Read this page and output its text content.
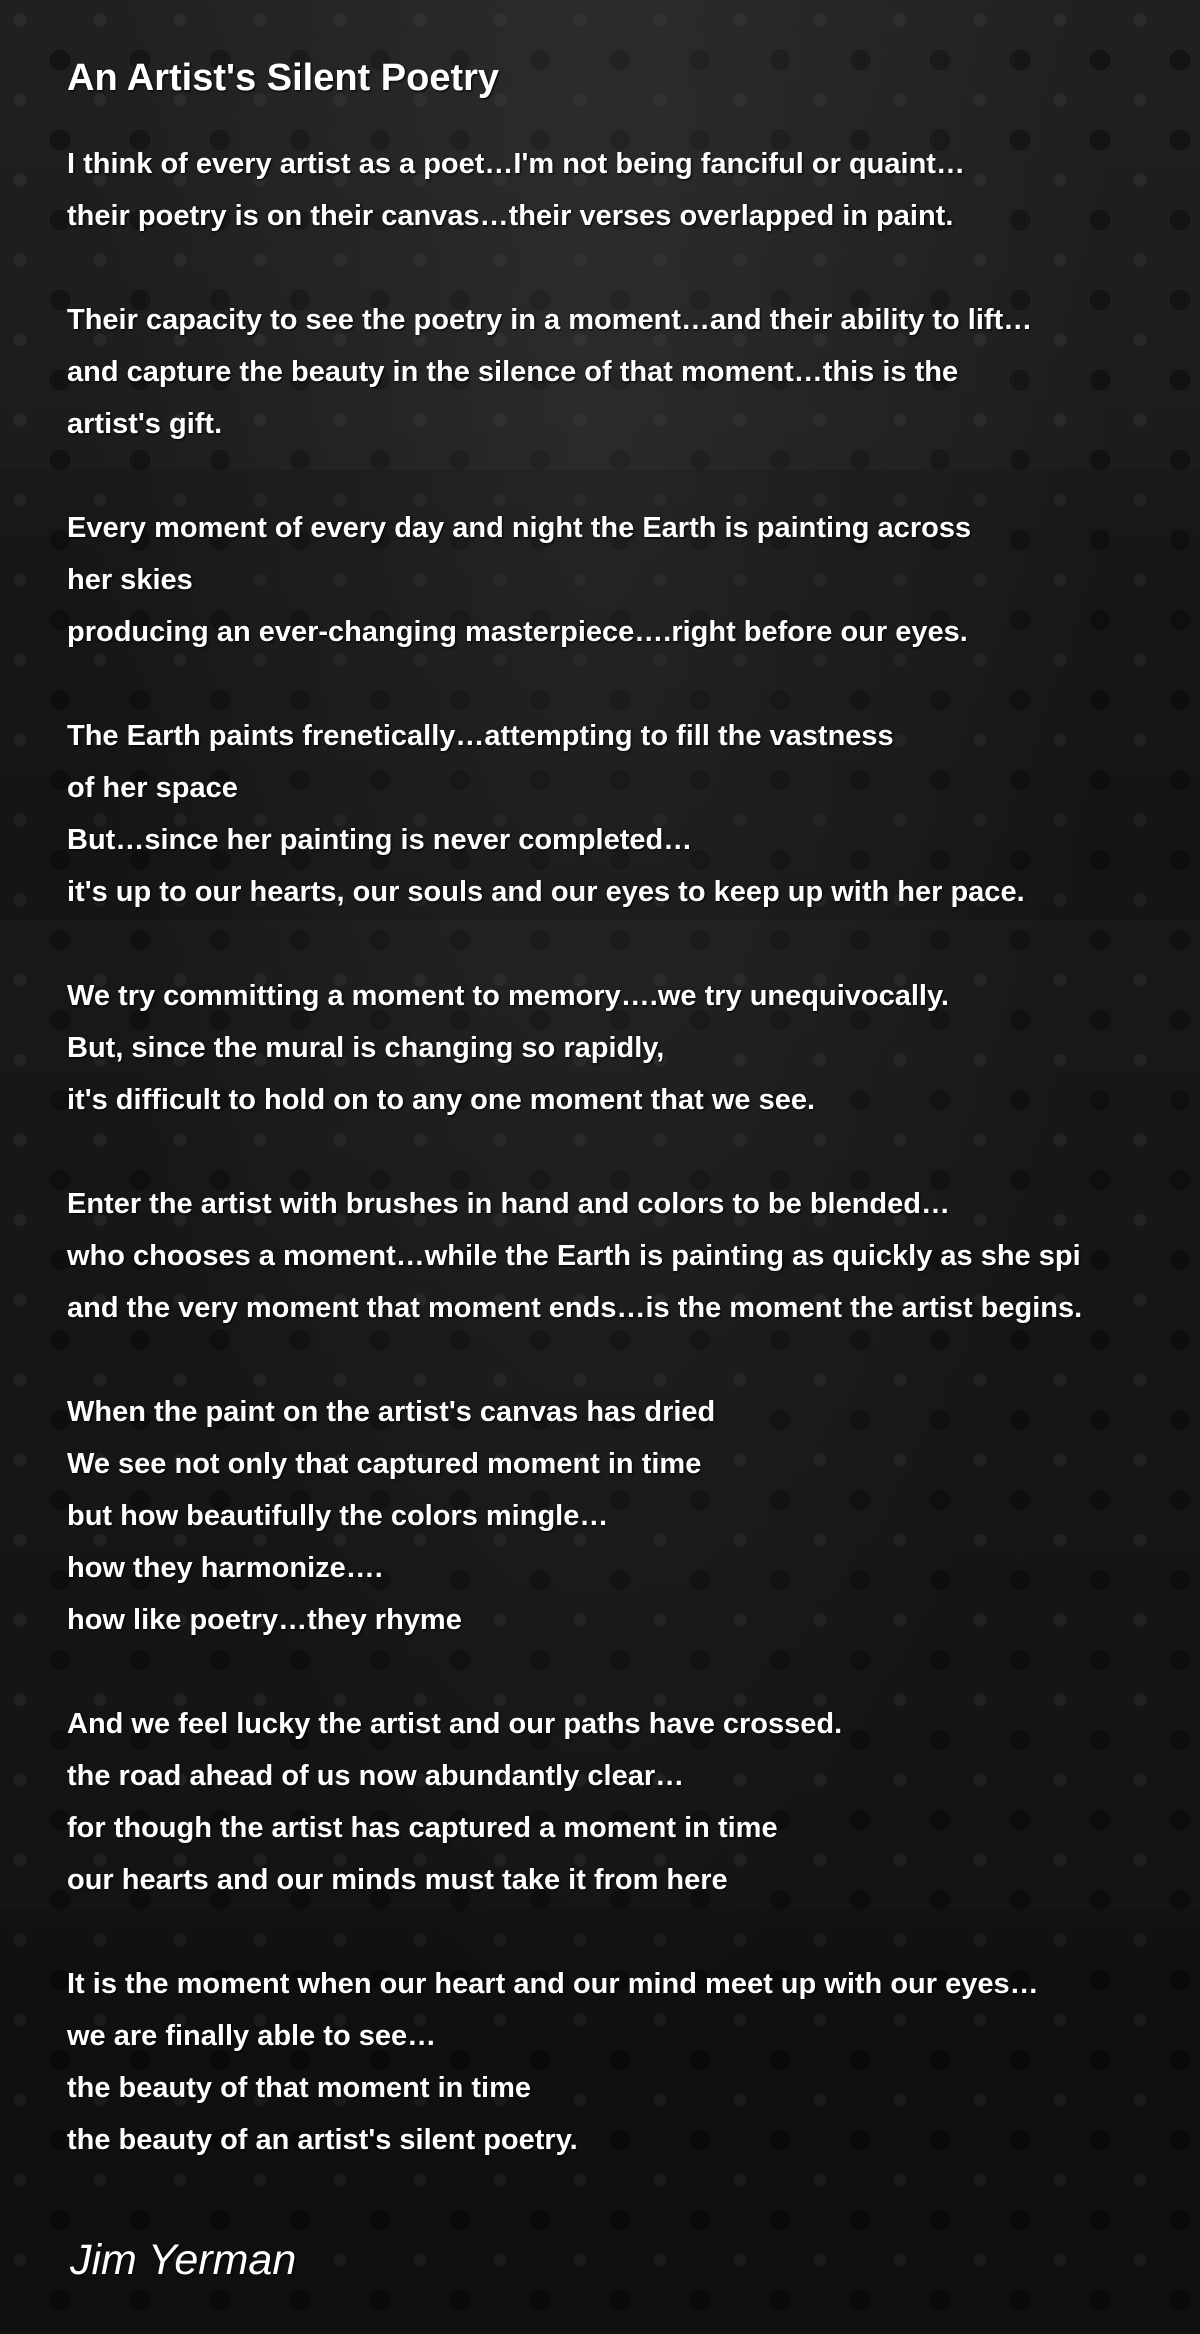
An Artist's Silent Poetry
I think of every artist as a poet…I'm not being fanciful or quaint…
their poetry is on their canvas…their verses overlapped in paint.
Their capacity to see the poetry in a moment…and their ability to lift…
and capture the beauty in the silence of that moment…this is the
artist's gift.
Every moment of every day and night the Earth is painting across
her skies
producing an ever-changing masterpiece….right before our eyes.
The Earth paints frenetically…attempting to fill the vastness
of her space
But…since her painting is never completed…
it's up to our hearts, our souls and our eyes to keep up with her pace.
We try committing a moment to memory….we try unequivocally.
But, since the mural is changing so rapidly,
it's difficult to hold on to any one moment that we see.
Enter the artist with brushes in hand and colors to be blended…
who chooses a moment…while the Earth is painting as quickly as she spi
and the very moment that moment ends…is the moment the artist begins.
When the paint on the artist's canvas has dried
We see not only that captured moment in time
but how beautifully the colors mingle…
how they harmonize….
how like poetry…they rhyme
And we feel lucky the artist and our paths have crossed.
the road ahead of us now abundantly clear…
for though the artist has captured a moment in time
our hearts and our minds must take it from here
It is the moment when our heart and our mind meet up with our eyes…
we are finally able to see…
the beauty of that moment in time
the beauty of an artist's silent poetry.
Jim Yerman
